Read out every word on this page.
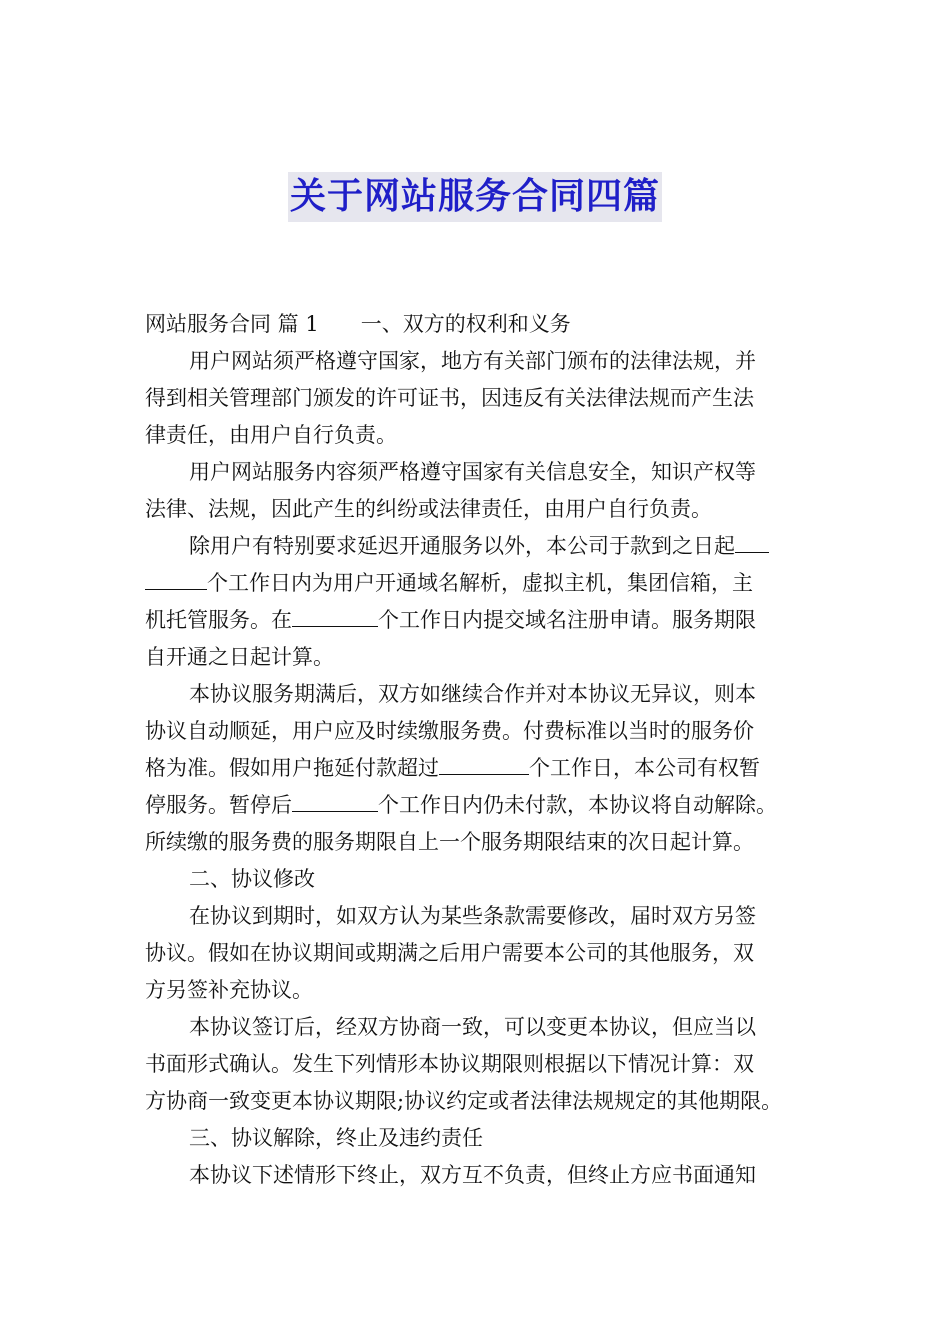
关于网站服务合同四篇
网站服务合同 篇 1 一、双方的权利和义务
用户网站须严格遵守国家，地方有关部门颁布的法律法规，并
得到相关管理部门颁发的许可证书，因违反有关法律法规而产生法
律责任，由用户自行负责。
用户网站服务内容须严格遵守国家有关信息安全，知识产权等
法律、法规，因此产生的纠纷或法律责任，由用户自行负责。
除用户有特别要求延迟开通服务以外，本公司于款到之日起
个工作日内为用户开通域名解析，虚拟主机，集团信箱，主
机托管服务。在	个工作日内提交域名注册申请。服务期限
自开通之日起计算。
本协议服务期满后，双方如继续合作并对本协议无异议，则本
协议自动顺延，用户应及时续缴服务费。付费标准以当时的服务价
格为准。假如用户拖延付款超过	个工作日，本公司有权暂
停服务。暂停后	个工作日内仍未付款，本协议将自动解除。
所续缴的服务费的服务期限自上一个服务期限结束的次日起计算。
二、协议修改
在协议到期时，如双方认为某些条款需要修改，届时双方另签
协议。假如在协议期间或期满之后用户需要本公司的其他服务，双
方另签补充协议。
本协议签订后，经双方协商一致，可以变更本协议，但应当以
书面形式确认。发生下列情形本协议期限则根据以下情况计算：双
方协商一致变更本协议期限;协议约定或者法律法规规定的其他期限。
三、协议解除，终止及违约责任
本协议下述情形下终止，双方互不负责，但终止方应书面通知
